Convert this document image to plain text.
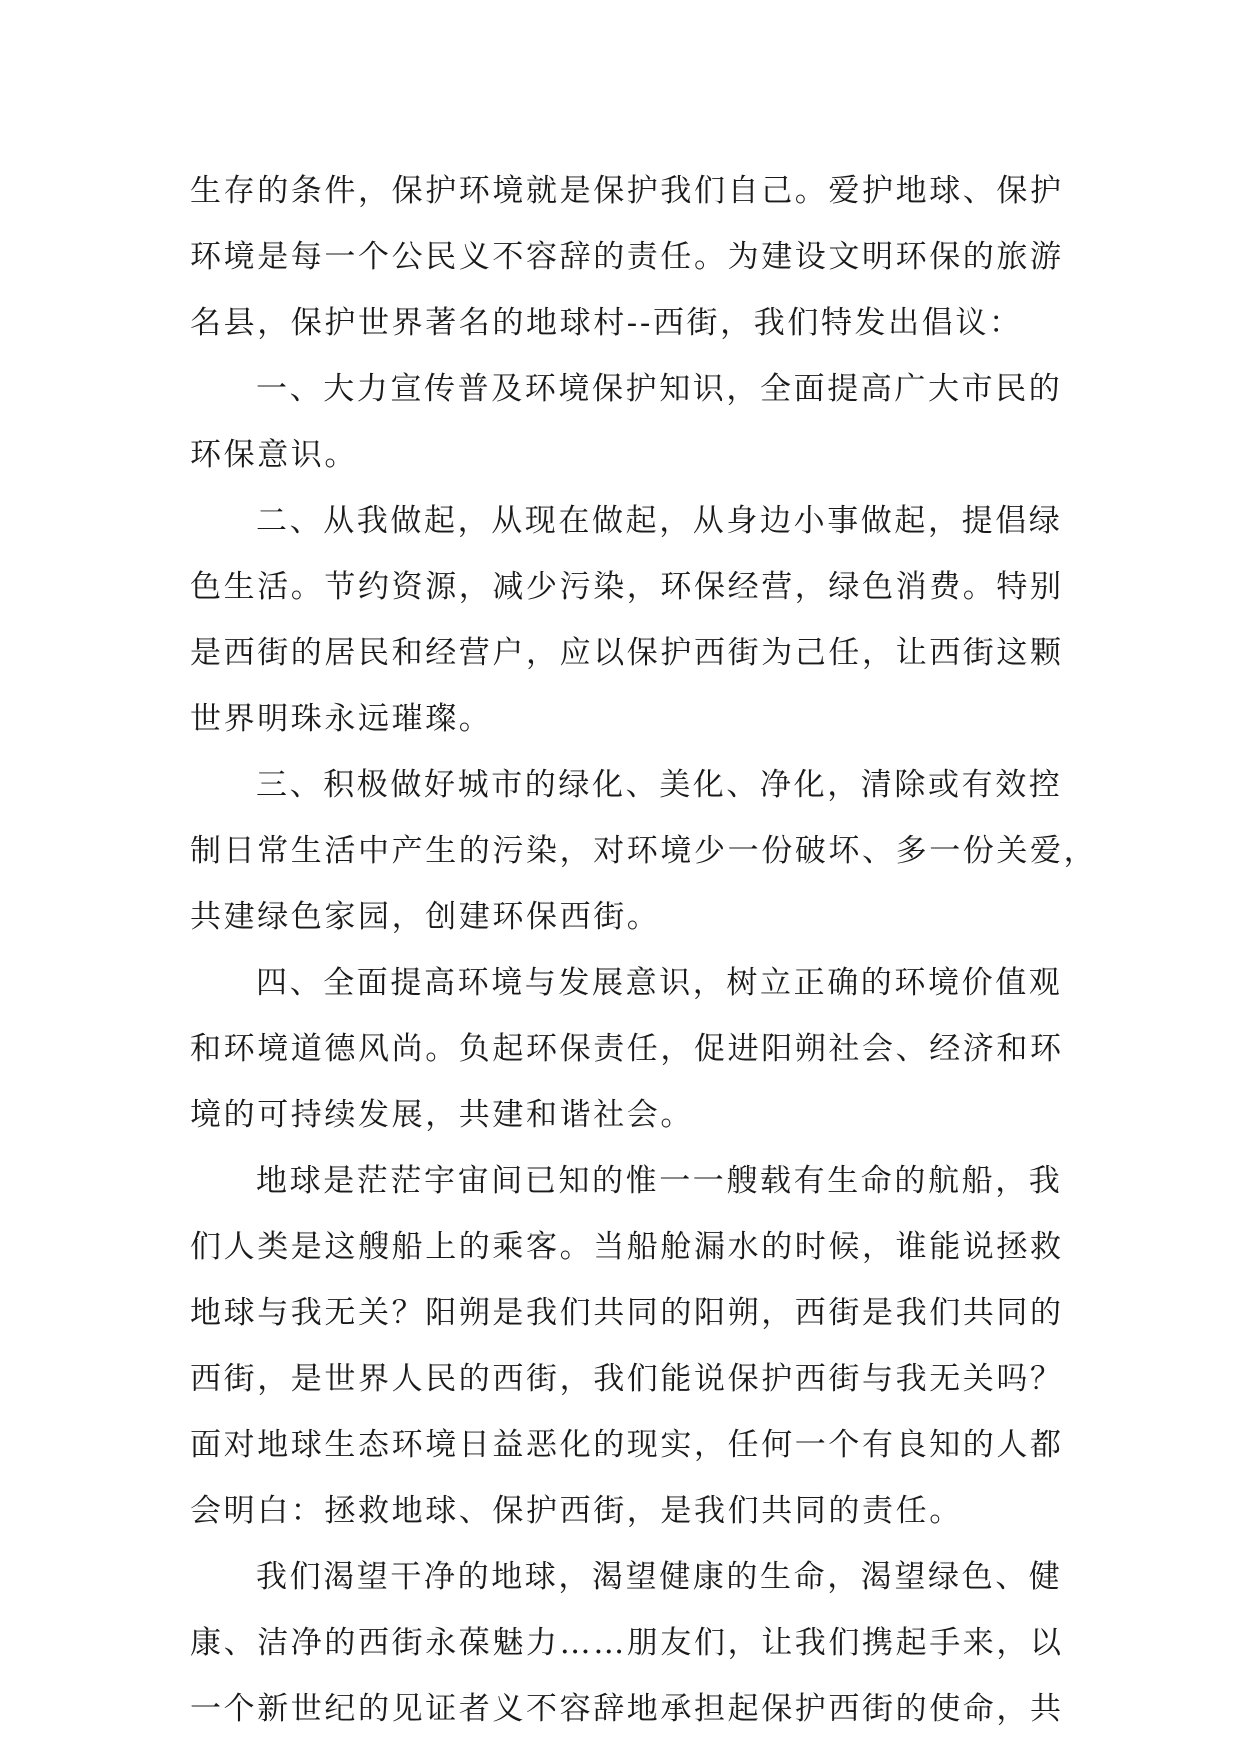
生存的条件，保护环境就是保护我们自己。爱护地球、保护
环境是每一个公民义不容辞的责任。为建设文明环保的旅游
名县，保护世界著名的地球村--西街，我们特发出倡议：
一、大力宣传普及环境保护知识，全面提高广大市民的
环保意识。
二、从我做起，从现在做起，从身边小事做起，提倡绿
色生活。节约资源，减少污染，环保经营，绿色消费。特别
是西街的居民和经营户，应以保护西街为己任，让西街这颗
世界明珠永远璀璨。
三、积极做好城市的绿化、美化、净化，清除或有效控
制日常生活中产生的污染，对环境少一份破坏、多一份关爱，
共建绿色家园，创建环保西街。
四、全面提高环境与发展意识，树立正确的环境价值观
和环境道德风尚。负起环保责任，促进阳朔社会、经济和环
境的可持续发展，共建和谐社会。
地球是茫茫宇宙间已知的惟一一艘载有生命的航船，我
们人类是这艘船上的乘客。当船舱漏水的时候，谁能说拯救
地球与我无关？阳朔是我们共同的阳朔，西街是我们共同的
西街，是世界人民的西街，我们能说保护西街与我无关吗？
面对地球生态环境日益恶化的现实，任何一个有良知的人都
会明白：拯救地球、保护西街，是我们共同的责任。
我们渴望干净的地球，渴望健康的生命，渴望绿色、健
康、洁净的西街永葆魅力……朋友们，让我们携起手来，以
一个新世纪的见证者义不容辞地承担起保护西街的使命，共
